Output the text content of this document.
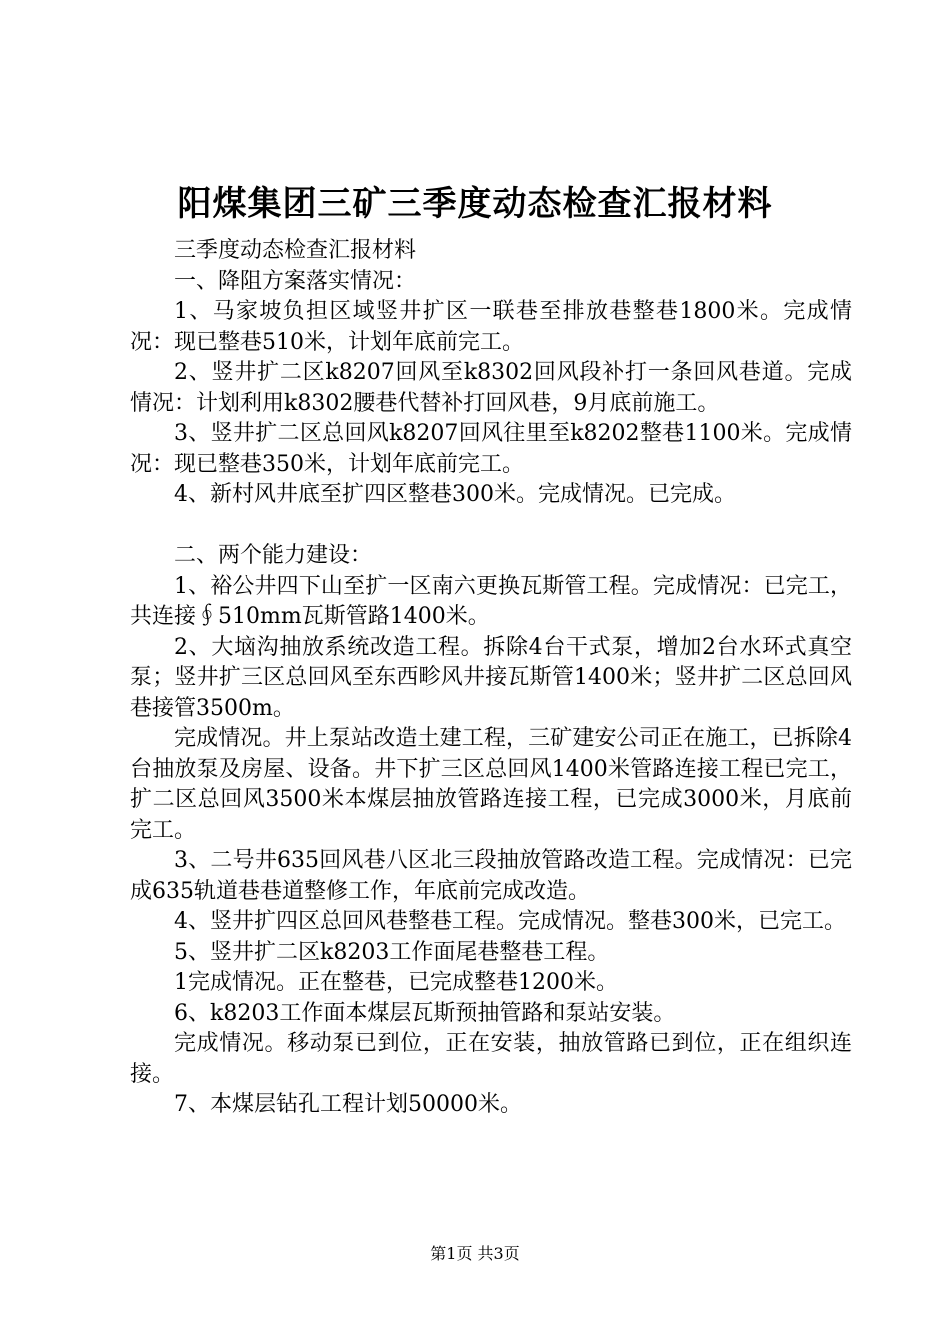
阳煤集团三矿三季度动态检查汇报材料

三季度动态检查汇报材料

一、降阻方案落实情况：

1、马家坡负担区域竖井扩区一联巷至排放巷整巷1800米。完成情况：现已整巷510米，计划年底前完工。

2、竖井扩二区k8207回风至k8302回风段补打一条回风巷道。完成情况：计划利用k8302腰巷代替补打回风巷，9月底前施工。

3、竖井扩二区总回风k8207回风往里至k8202整巷1100米。完成情况：现已整巷350米，计划年底前完工。

4、新村风井底至扩四区整巷300米。完成情况。已完成。

二、两个能力建设：

1、裕公井四下山至扩一区南六更换瓦斯管工程。完成情况：已完工，共连接∮510mm瓦斯管路1400米。

2、大垴沟抽放系统改造工程。拆除4台干式泵，增加2台水环式真空泵；竖井扩三区总回风至东西畛风井接瓦斯管1400米；竖井扩二区总回风巷接管3500m。

完成情况。井上泵站改造土建工程，三矿建安公司正在施工，已拆除4台抽放泵及房屋、设备。井下扩三区总回风1400米管路连接工程已完工，扩二区总回风3500米本煤层抽放管路连接工程，已完成3000米，月底前完工。

3、二号井635回风巷八区北三段抽放管路改造工程。完成情况：已完成635轨道巷巷道整修工作，年底前完成改造。

4、竖井扩四区总回风巷整巷工程。完成情况。整巷300米，已完工。

5、竖井扩二区k8203工作面尾巷整巷工程。

1完成情况。正在整巷，已完成整巷1200米。

6、k8203工作面本煤层瓦斯预抽管路和泵站安装。

完成情况。移动泵已到位，正在安装，抽放管路已到位，正在组织连接。

7、本煤层钻孔工程计划50000米。

第1页 共3页
